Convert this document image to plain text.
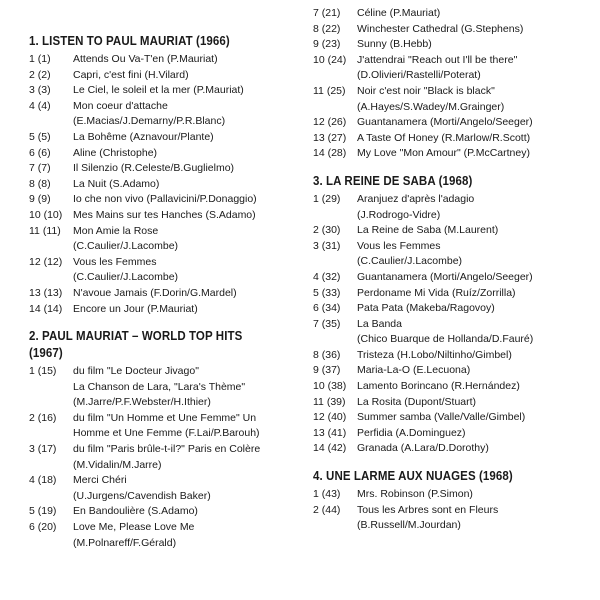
1. LISTEN TO PAUL MAURIAT (1966)
1 (1)	Attends Ou Va-T'en (P.Mauriat)
2 (2)	Capri, c'est fini (H.Vilard)
3 (3)	Le Ciel, le soleil et la mer (P.Mauriat)
4 (4)	Mon coeur d'attache
(E.Macias/J.Demarny/P.R.Blanc)
5 (5)	La Bohême (Aznavour/Plante)
6 (6)	Aline (Christophe)
7 (7)	Il Silenzio (R.Celeste/B.Guglielmo)
8 (8)	La Nuit (S.Adamo)
9 (9)	Io che non vivo (Pallavicini/P.Donaggio)
10 (10)	Mes Mains sur tes Hanches (S.Adamo)
11 (11)	Mon Amie la Rose
(C.Caulier/J.Lacombe)
12 (12)	Vous les Femmes
(C.Caulier/J.Lacombe)
13 (13)	N'avoue Jamais (F.Dorin/G.Mardel)
14 (14)	Encore un Jour (P.Mauriat)
2. PAUL MAURIAT – WORLD TOP HITS
(1967)
1 (15)	du film "Le Docteur Jivago"
La Chanson de Lara, "Lara's Thème"
(M.Jarre/P.F.Webster/H.Ithier)
2 (16)	du film "Un Homme et Une Femme" Un
Homme et Une Femme (F.Lai/P.Barouh)
3 (17)	du film "Paris brûle-t-il?" Paris en Colère
(M.Vidalin/M.Jarre)
4 (18)	Merci Chéri
(U.Jurgens/Cavendish Baker)
5 (19)	En Bandoulière (S.Adamo)
6 (20)	Love Me, Please Love Me
(M.Polnareff/F.Gérald)
7 (21)	Céline (P.Mauriat)
8 (22)	Winchester Cathedral (G.Stephens)
9 (23)	Sunny (B.Hebb)
10 (24)	J'attendrai "Reach out I'll be there"
(D.Olivieri/Rastelli/Poterat)
11 (25)	Noir c'est noir "Black is black"
(A.Hayes/S.Wadey/M.Grainger)
12 (26)	Guantanamera (Morti/Angelo/Seeger)
13 (27)	A Taste Of Honey (R.Marlow/R.Scott)
14 (28)	My Love "Mon Amour" (P.McCartney)
3. LA REINE DE SABA (1968)
1 (29)	Aranjuez d'après l'adagio
(J.Rodrogo-Vidre)
2 (30)	La Reine de Saba (M.Laurent)
3 (31)	Vous les Femmes
(C.Caulier/J.Lacombe)
4 (32)	Guantanamera (Morti/Angelo/Seeger)
5 (33)	Perdoname Mi Vida (Ruíz/Zorrilla)
6 (34)	Pata Pata (Makeba/Ragovoy)
7 (35)	La Banda
(Chico Buarque de Hollanda/D.Fauré)
8 (36)	Tristeza (H.Lobo/Niltinho/Gimbel)
9 (37)	Maria-La-O (E.Lecuona)
10 (38)	Lamento Borincano (R.Hernández)
11 (39)	La Rosita (Dupont/Stuart)
12 (40)	Summer samba (Valle/Valle/Gimbel)
13 (41)	Perfidia (A.Dominguez)
14 (42)	Granada (A.Lara/D.Dorothy)
4. UNE LARME AUX NUAGES (1968)
1 (43)	Mrs. Robinson (P.Simon)
2 (44)	Tous les Arbres sont en Fleurs
(B.Russell/M.Jourdan)
